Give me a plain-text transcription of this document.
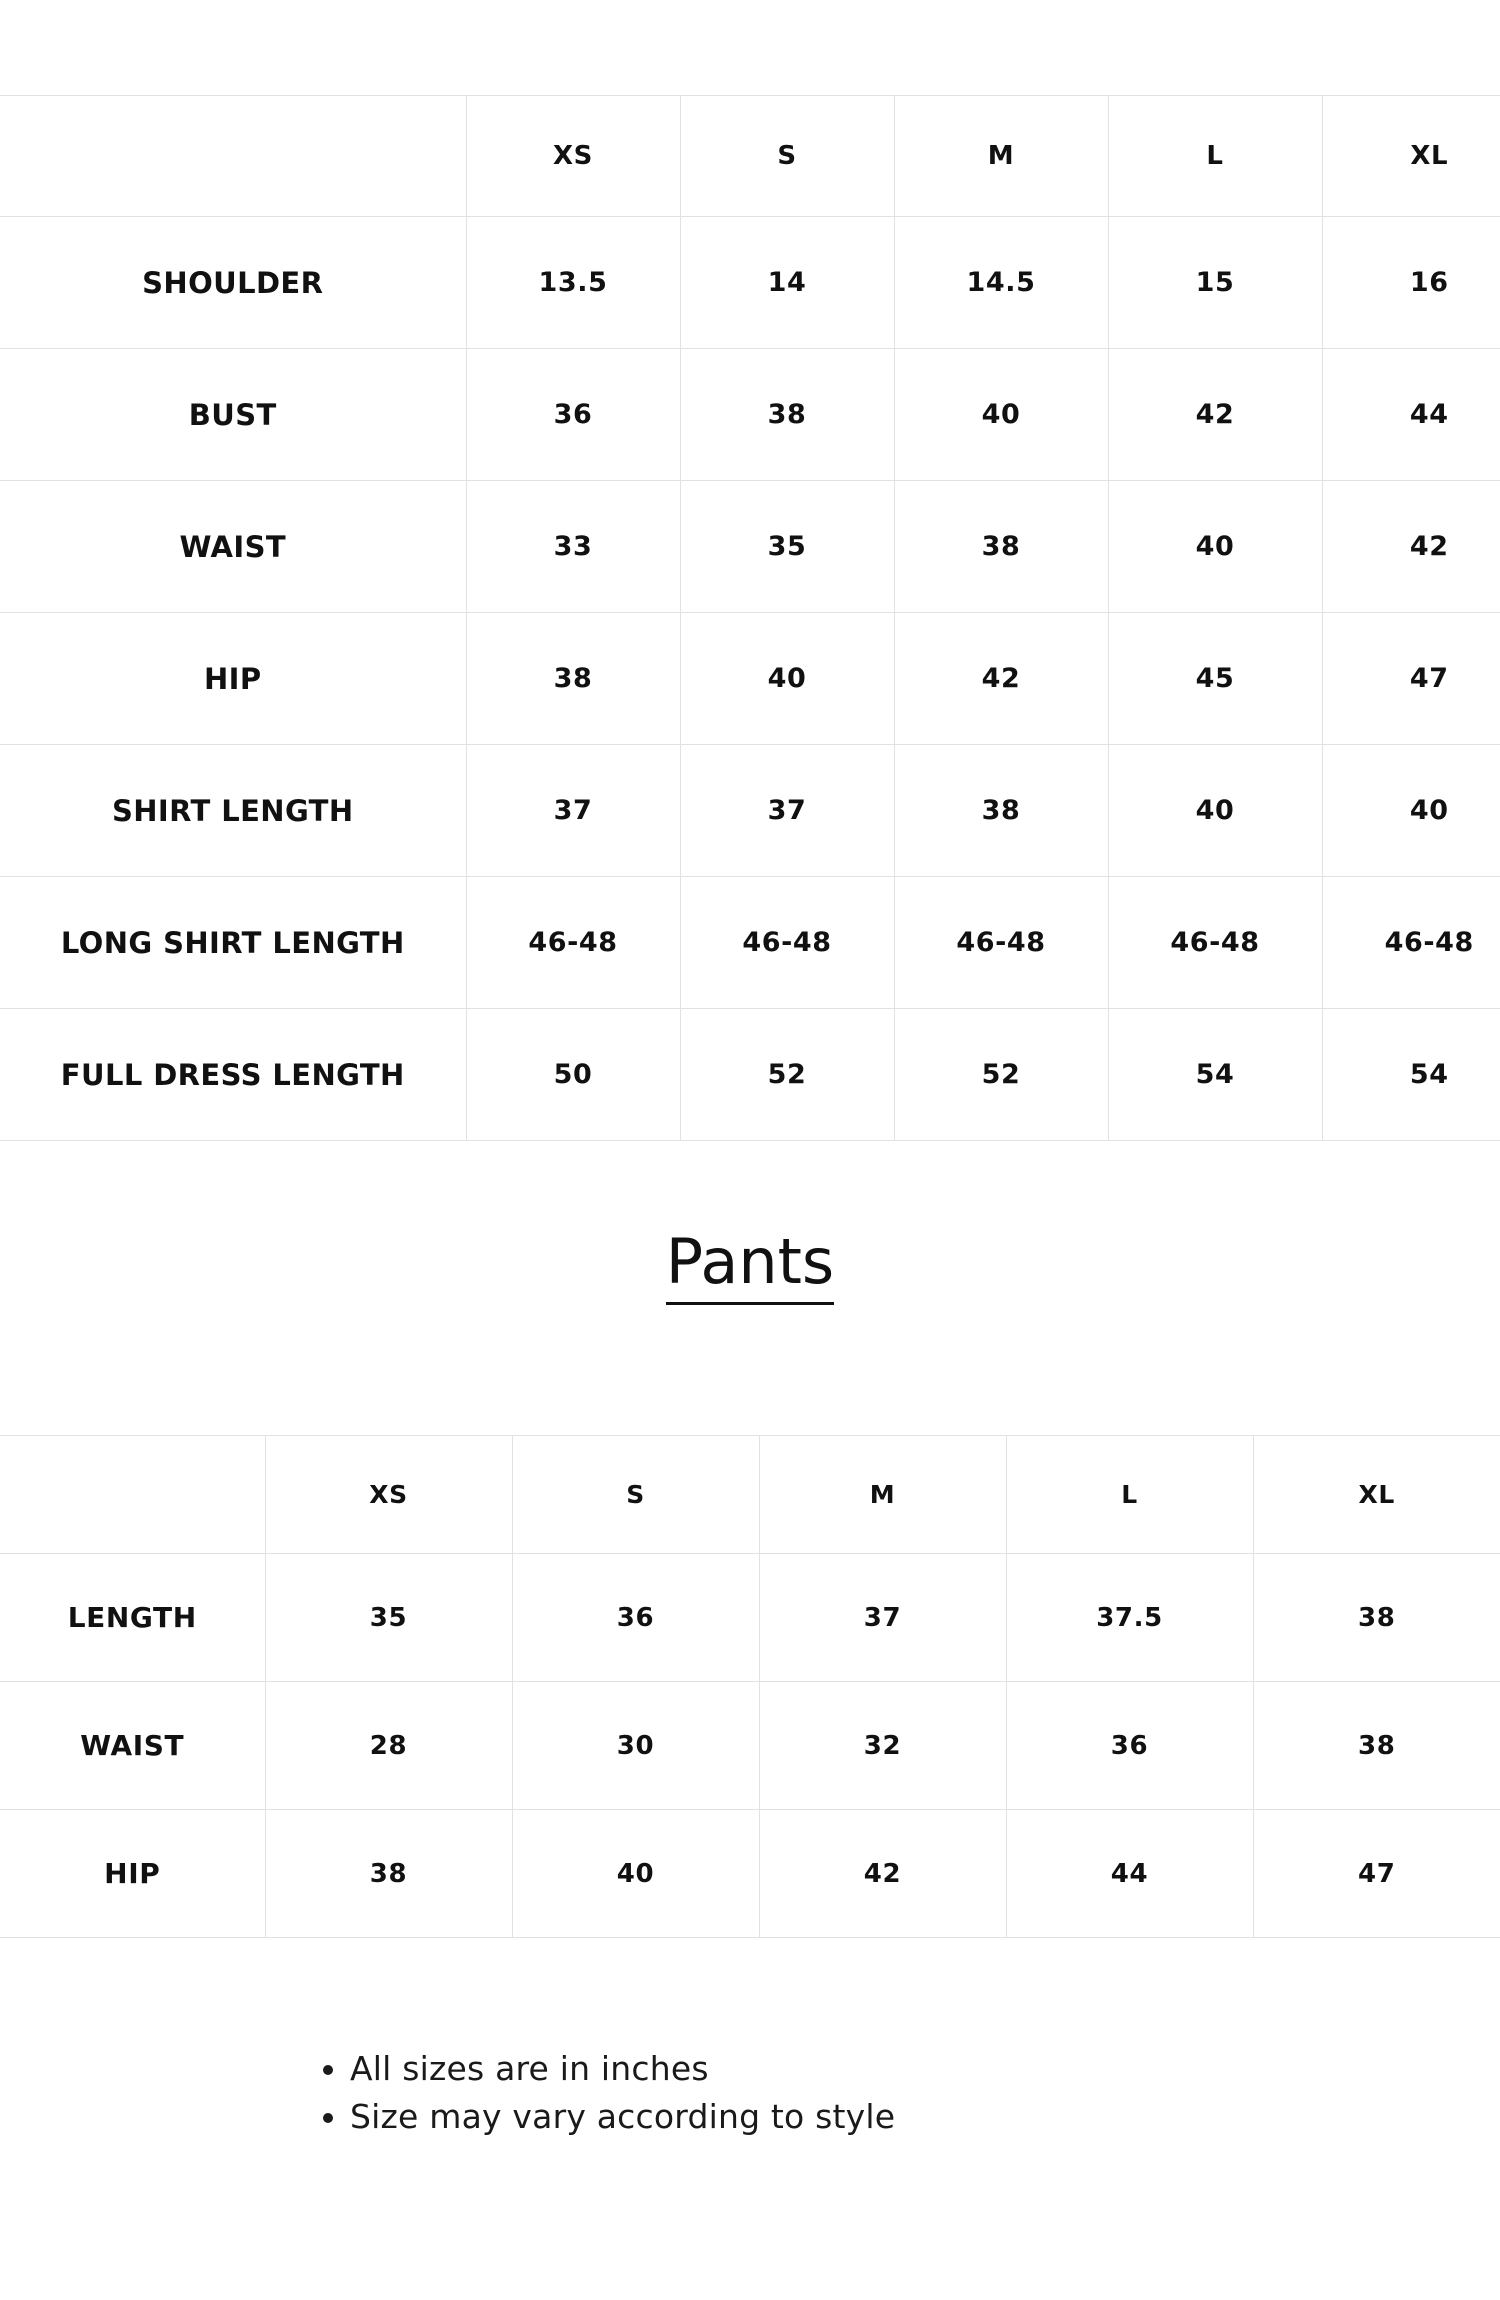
	XS	S	M	L	XL
SHOULDER	13.5	14	14.5	15	16
BUST	36	38	40	42	44
WAIST	33	35	38	40	42
HIP	38	40	42	45	47
SHIRT LENGTH	37	37	38	40	40
LONG SHIRT LENGTH	46-48	46-48	46-48	46-48	46-48
FULL DRESS LENGTH	50	52	52	54	54
Pants
	XS	S	M	L	XL
LENGTH	35	36	37	37.5	38
WAIST	28	30	32	36	38
HIP	38	40	42	44	47
• All sizes are in inches
• Size may vary according to style
